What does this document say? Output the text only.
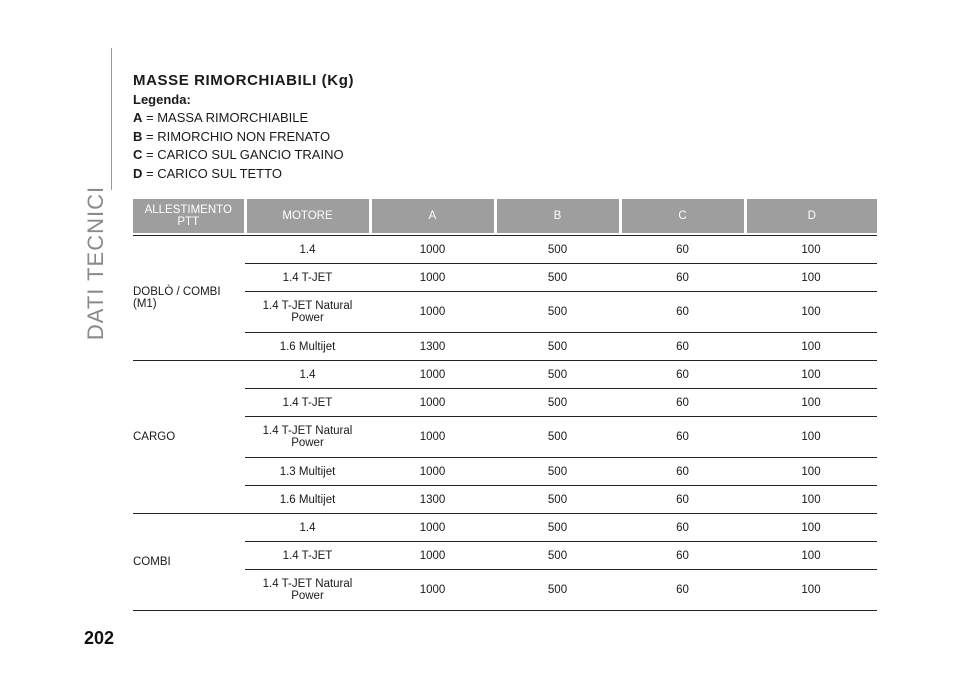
DATI TECNICI
MASSE RIMORCHIABILI (Kg)
Legenda:
A = MASSA RIMORCHIABILE
B = RIMORCHIO NON FRENATO
C = CARICO SUL GANCIO TRAINO
D = CARICO SUL TETTO
ALLESTIMENTO PTT	MOTORE	A	B	C	D

DOBLÒ / COMBI (M1)	1.4	1000	500	60	100
	1.4 T-JET	1000	500	60	100
	1.4 T-JET Natural Power	1000	500	60	100
	1.6 Multijet	1300	500	60	100
CARGO	1.4	1000	500	60	100
	1.4 T-JET	1000	500	60	100
	1.4 T-JET Natural Power	1000	500	60	100
	1.3 Multijet	1000	500	60	100
	1.6 Multijet	1300	500	60	100
COMBI	1.4	1000	500	60	100
	1.4 T-JET	1000	500	60	100
	1.4 T-JET Natural Power	1000	500	60	100
202
